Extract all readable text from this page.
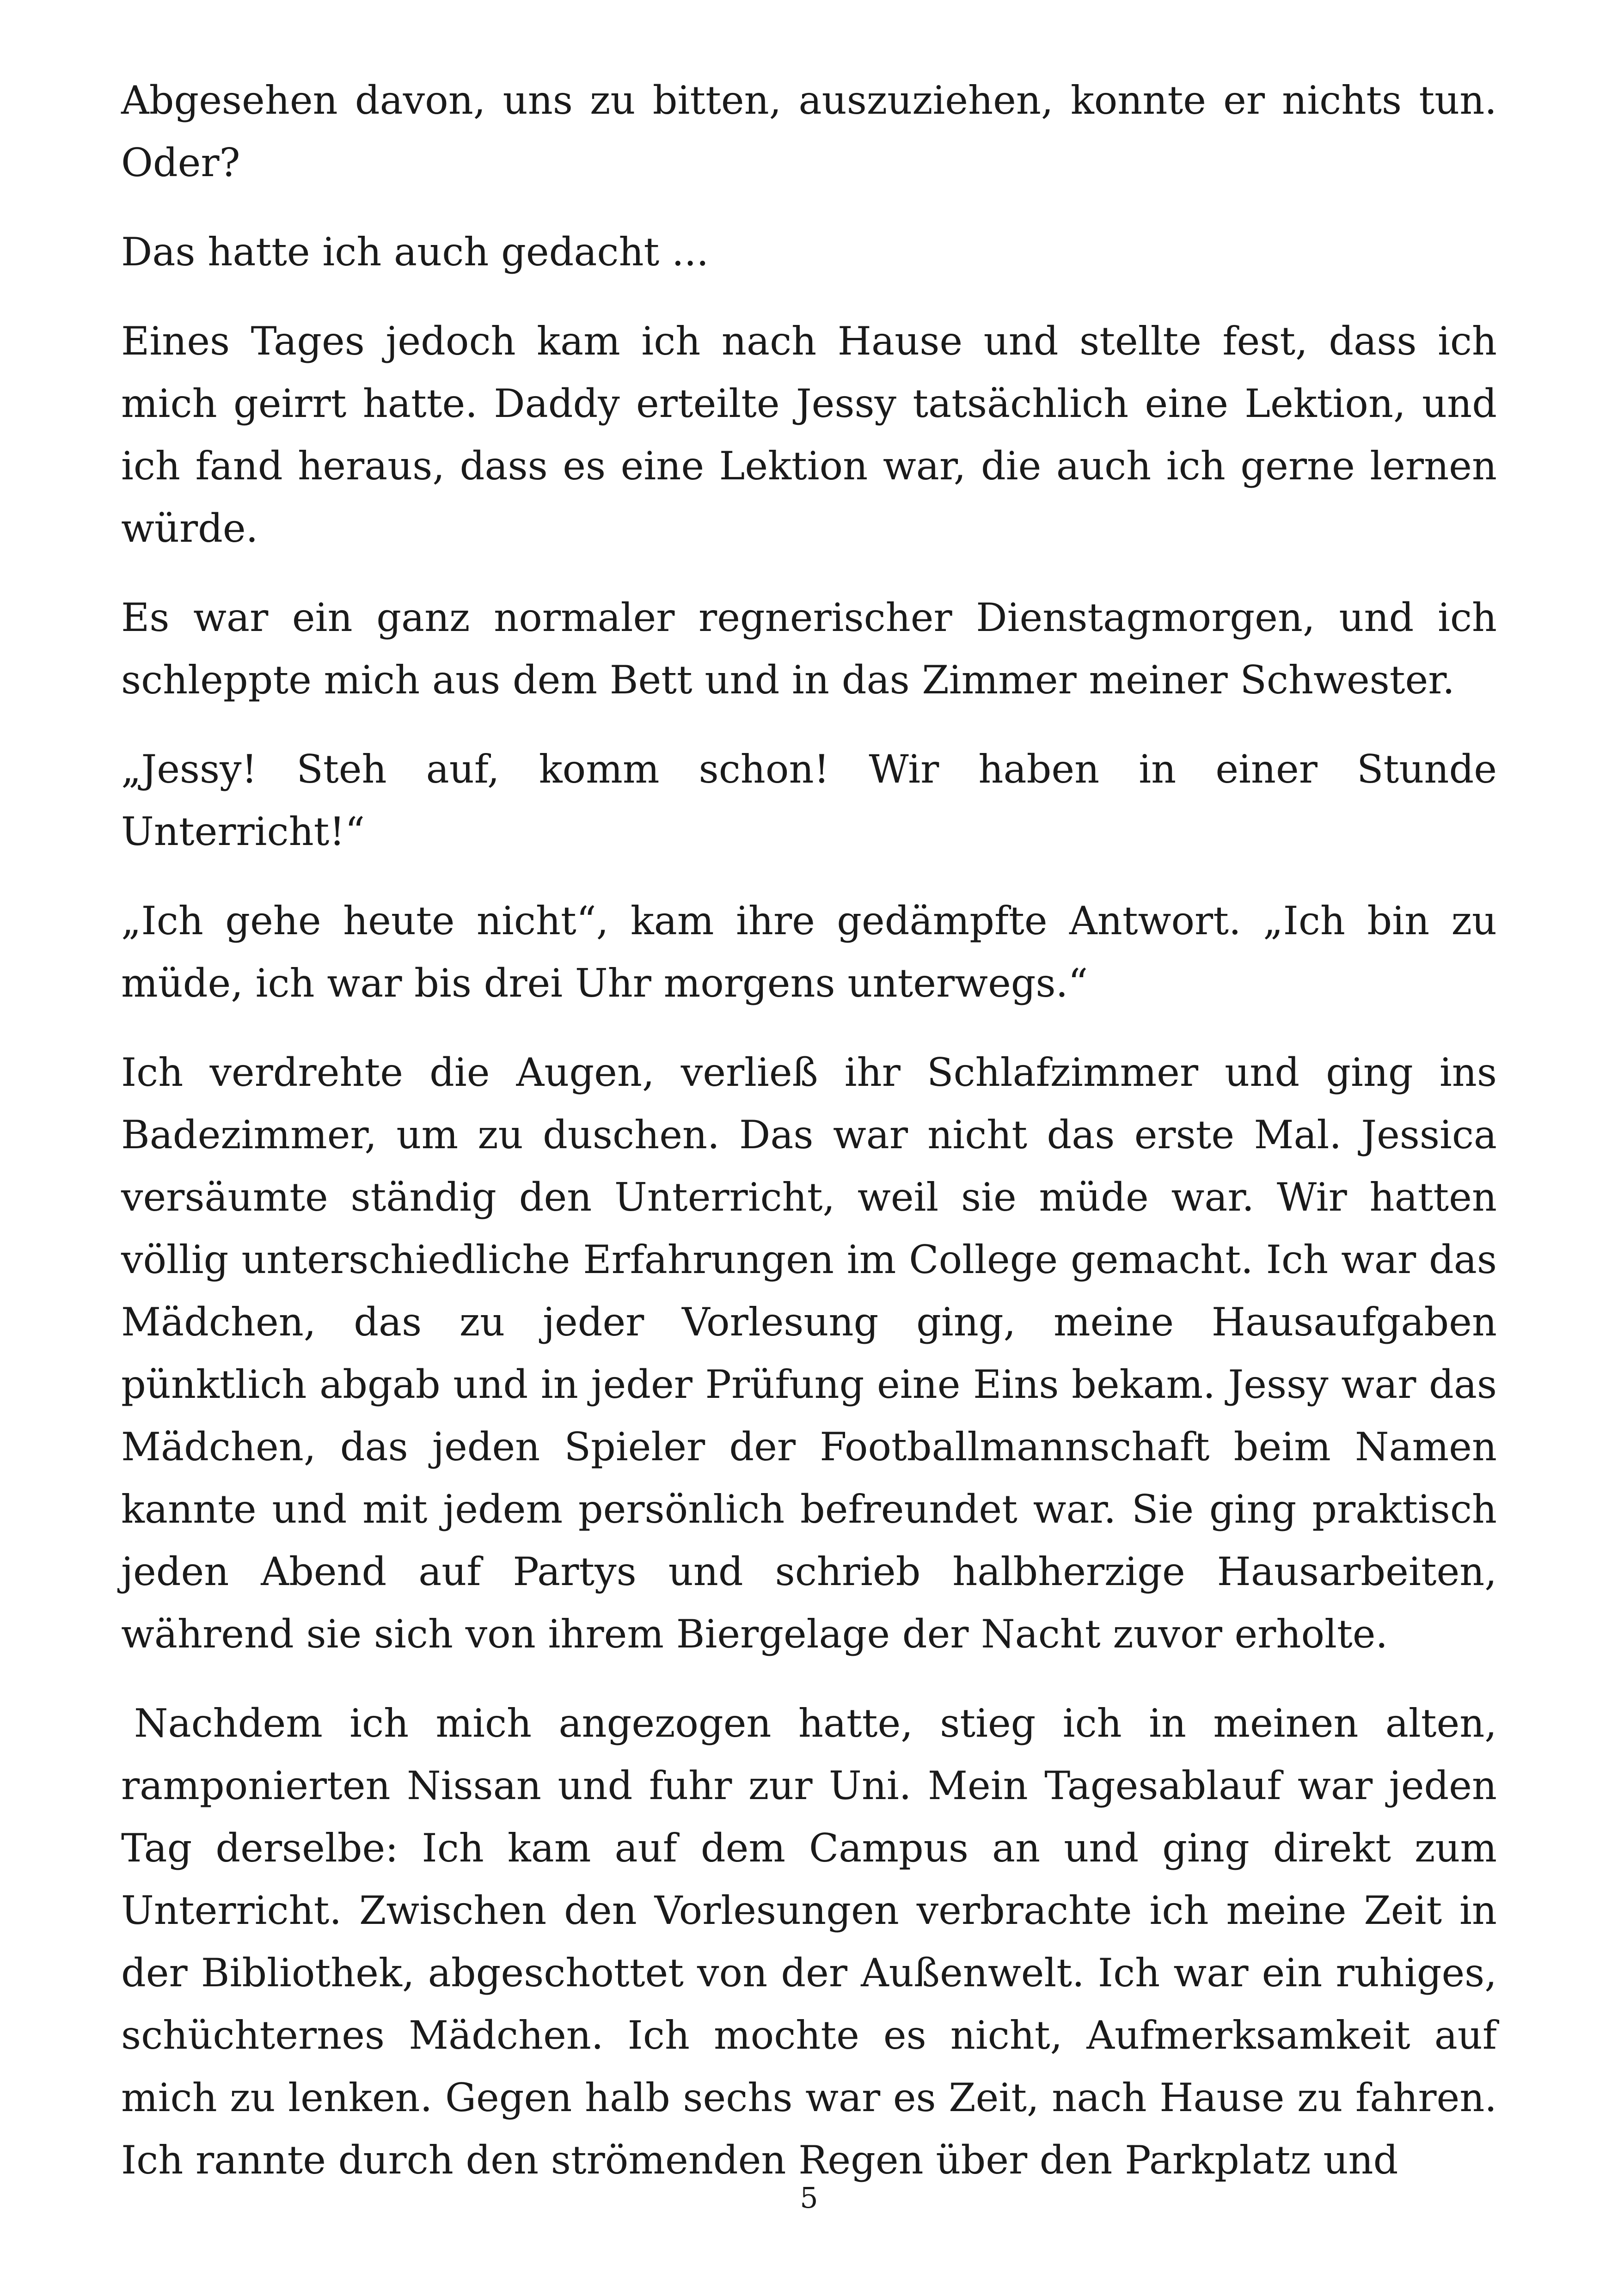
Abgesehen davon, uns zu bitten, auszuziehen, konnte er nichts tun. Oder?

Das hatte ich auch gedacht ...

Eines Tages jedoch kam ich nach Hause und stellte fest, dass ich mich geirrt hatte. Daddy erteilte Jessy tatsächlich eine Lektion, und ich fand heraus, dass es eine Lektion war, die auch ich gerne lernen würde.

Es war ein ganz normaler regnerischer Dienstagmorgen, und ich schleppte mich aus dem Bett und in das Zimmer meiner Schwester.

„Jessy! Steh auf, komm schon! Wir haben in einer Stunde Unterricht!“

„Ich gehe heute nicht“, kam ihre gedämpfte Antwort. „Ich bin zu müde, ich war bis drei Uhr morgens unterwegs.“

Ich verdrehte die Augen, verließ ihr Schlafzimmer und ging ins Badezimmer, um zu duschen. Das war nicht das erste Mal. Jessica versäumte ständig den Unterricht, weil sie müde war. Wir hatten völlig unterschiedliche Erfahrungen im College gemacht. Ich war das Mädchen, das zu jeder Vorlesung ging, meine Hausaufgaben pünktlich abgab und in jeder Prüfung eine Eins bekam. Jessy war das Mädchen, das jeden Spieler der Footballmannschaft beim Namen kannte und mit jedem persönlich befreundet war. Sie ging praktisch jeden Abend auf Partys und schrieb halbherzige Hausarbeiten, während sie sich von ihrem Biergelage der Nacht zuvor erholte.

Nachdem ich mich angezogen hatte, stieg ich in meinen alten, ramponierten Nissan und fuhr zur Uni. Mein Tagesablauf war jeden Tag derselbe: Ich kam auf dem Campus an und ging direkt zum Unterricht. Zwischen den Vorlesungen verbrachte ich meine Zeit in der Bibliothek, abgeschottet von der Außenwelt. Ich war ein ruhiges, schüchternes Mädchen. Ich mochte es nicht, Aufmerksamkeit auf mich zu lenken. Gegen halb sechs war es Zeit, nach Hause zu fahren. Ich rannte durch den strömenden Regen über den Parkplatz und

5
